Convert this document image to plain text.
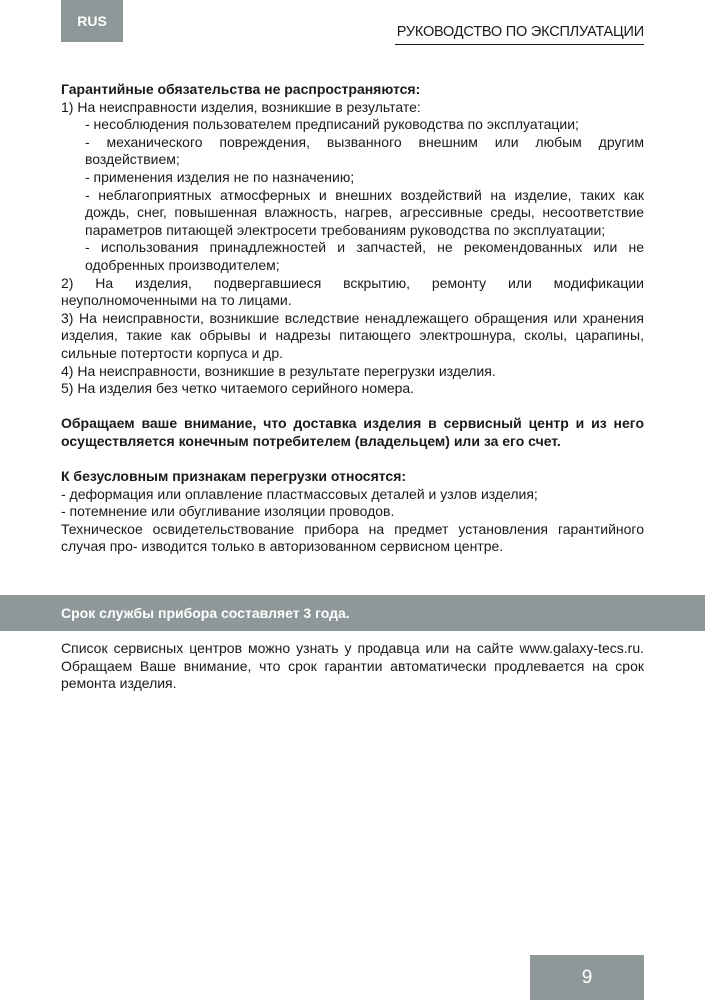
RUS
РУКОВОДСТВО ПО ЭКСПЛУАТАЦИИ

Гарантийные обязательства не распространяются:

1) На неисправности изделия, возникшие в результате:

- несоблюдения пользователем предписаний руководства по эксплуатации;

- механического повреждения, вызванного внешним или любым другим воздействием;

- применения изделия не по назначению;

- неблагоприятных атмосферных и внешних воздействий на изделие, таких как дождь, снег, повышенная влажность, нагрев, агрессивные среды, несоответствие параметров питающей электросети требованиям руководства по эксплуатации;

- использования принадлежностей и запчастей, не рекомендованных или не одобренных производителем;

2) На изделия, подвергавшиеся вскрытию, ремонту или модификации неуполномоченными на то лицами.

3) На неисправности, возникшие вследствие ненадлежащего обращения или хранения изделия, такие как обрывы и надрезы питающего электрошнура, сколы, царапины, сильные потертости корпуса и др.

4) На неисправности, возникшие в результате перегрузки изделия.

5) На изделия без четко читаемого серийного номера.

Обращаем ваше внимание, что доставка изделия в сервисный центр и из него осуществляется конечным потребителем (владельцем) или за его счет.

К безусловным признакам перегрузки относятся:

- деформация или оплавление пластмассовых деталей и узлов изделия;

- потемнение или обугливание изоляции проводов.

Техническое освидетельствование прибора на предмет установления гарантийного случая про- изводится только в авторизованном сервисном центре.

Срок службы прибора составляет 3 года.

Список сервисных центров можно узнать у продавца или на сайте www.galaxy-tecs.ru. Обращаем Ваше внимание, что срок гарантии автоматически продлевается на срок ремонта изделия.

9
